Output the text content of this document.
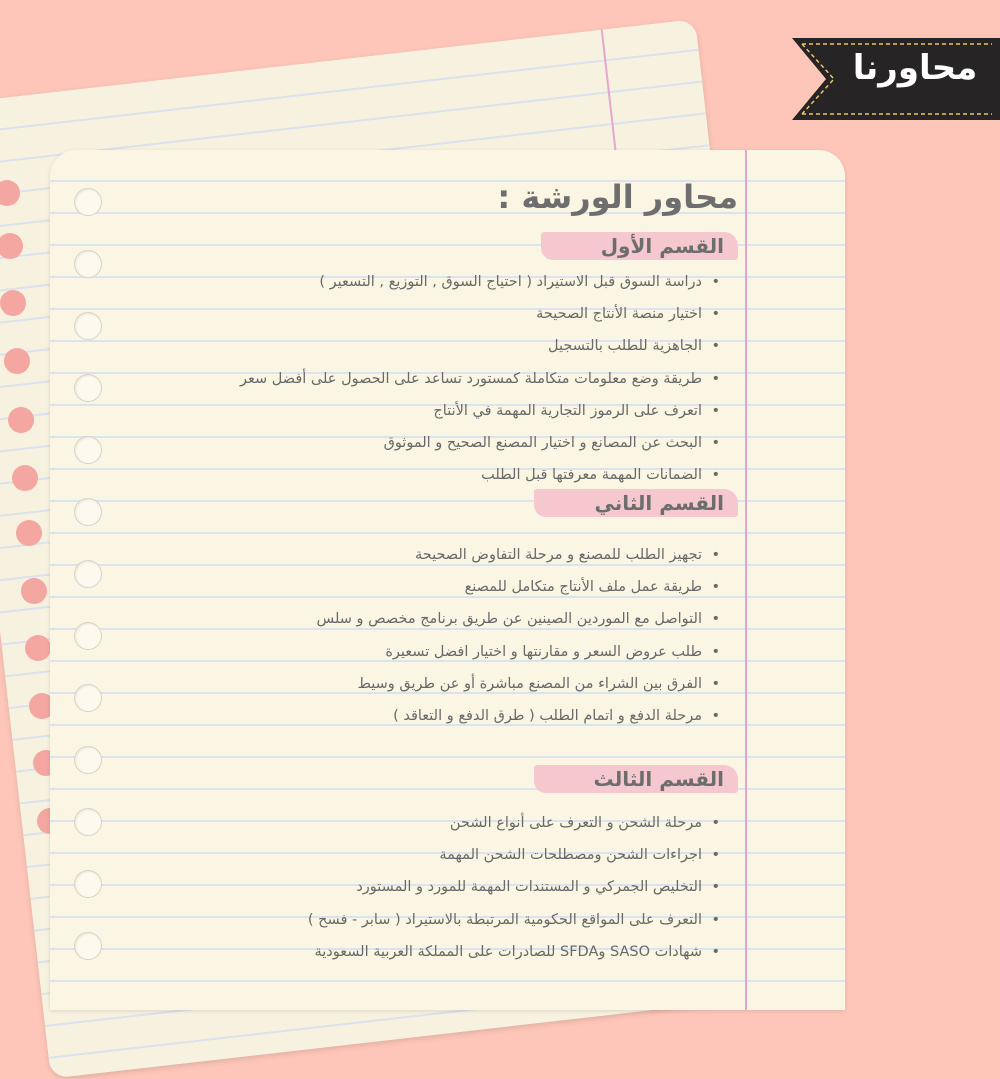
محاورنا
محاور الورشة :
القسم الأول
• دراسة السوق قبل الاستيراد ( احتياج السوق , التوزيع , التسعير )
• اختيار منصة الأنتاج الصحيحة
• الجاهزية للطلب بالتسجيل
• طريقة وضع معلومات متكاملة كمستورد تساعد على الحصول على أفضل سعر
• اتعرف على الرموز التجارية المهمة في الأنتاج
• البحث عن المصانع و اختيار المصنع الصحيح و الموثوق
• الضمانات المهمة معرفتها قبل الطلب
القسم الثاني
• تجهيز الطلب للمصنع و مرحلة التفاوض الصحيحة
• طريقة عمل ملف الأنتاج متكامل للمصنع
• التواصل مع الموردين الصينين عن طريق برنامج مخصص و سلس
• طلب عروض السعر و مقارنتها و اختيار افضل تسعيرة
• الفرق بين الشراء من المصنع مباشرة أو عن طريق وسيط
• مرحلة الدفع و اتمام الطلب ( طرق الدفع و التعاقد )
القسم الثالث
• مرحلة الشحن و التعرف على أنواع الشحن
• اجراءات الشحن ومصطلحات الشحن المهمة
• التخليص الجمركي و المستندات المهمة للمورد و المستورد
• التعرف على المواقع الحكومية المرتبطة بالاستيراد ( سابر - فسح )
• شهادات SASO وSFDA للصادرات على المملكة العربية السعودية
